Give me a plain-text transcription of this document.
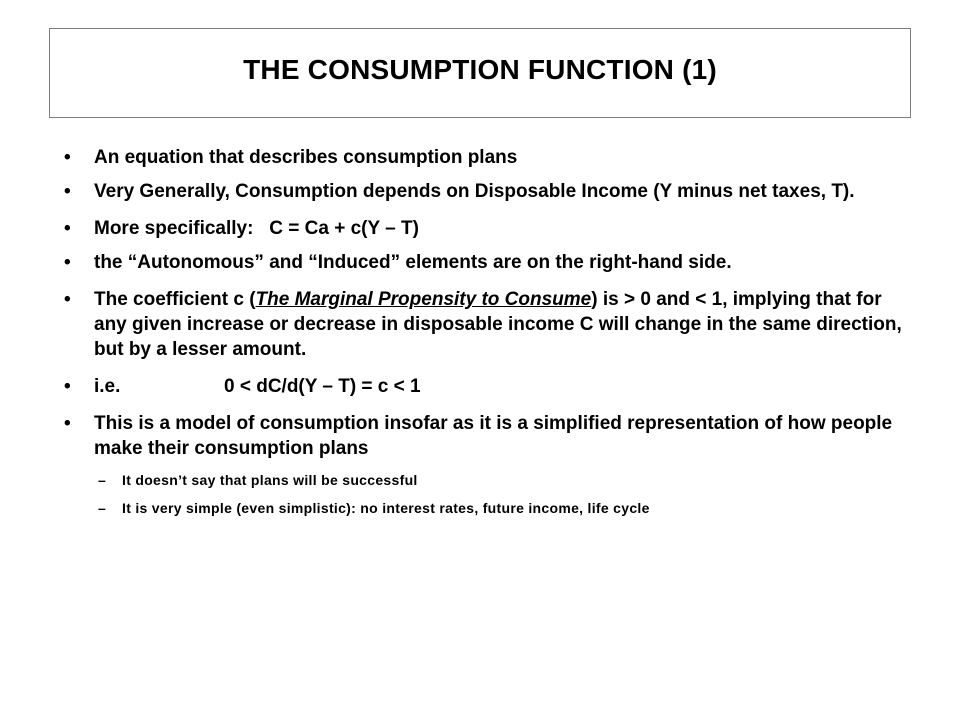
THE CONSUMPTION FUNCTION (1)
• An equation that describes consumption plans
• Very Generally, Consumption depends on Disposable Income (Y minus net taxes, T).
• More specifically: C = Ca + c(Y – T)
• the “Autonomous” and “Induced” elements are on the right-hand side.
• The coefficient c (The Marginal Propensity to Consume) is > 0 and < 1, implying that for any given increase or decrease in disposable income C will change in the same direction, but by a lesser amount.
• i.e.	0 < dC/d(Y – T) = c < 1
• This is a model of consumption insofar as it is a simplified representation of how people make their consumption plans
– It doesn’t say that plans will be successful
– It is very simple (even simplistic): no interest rates, future income, life cycle
